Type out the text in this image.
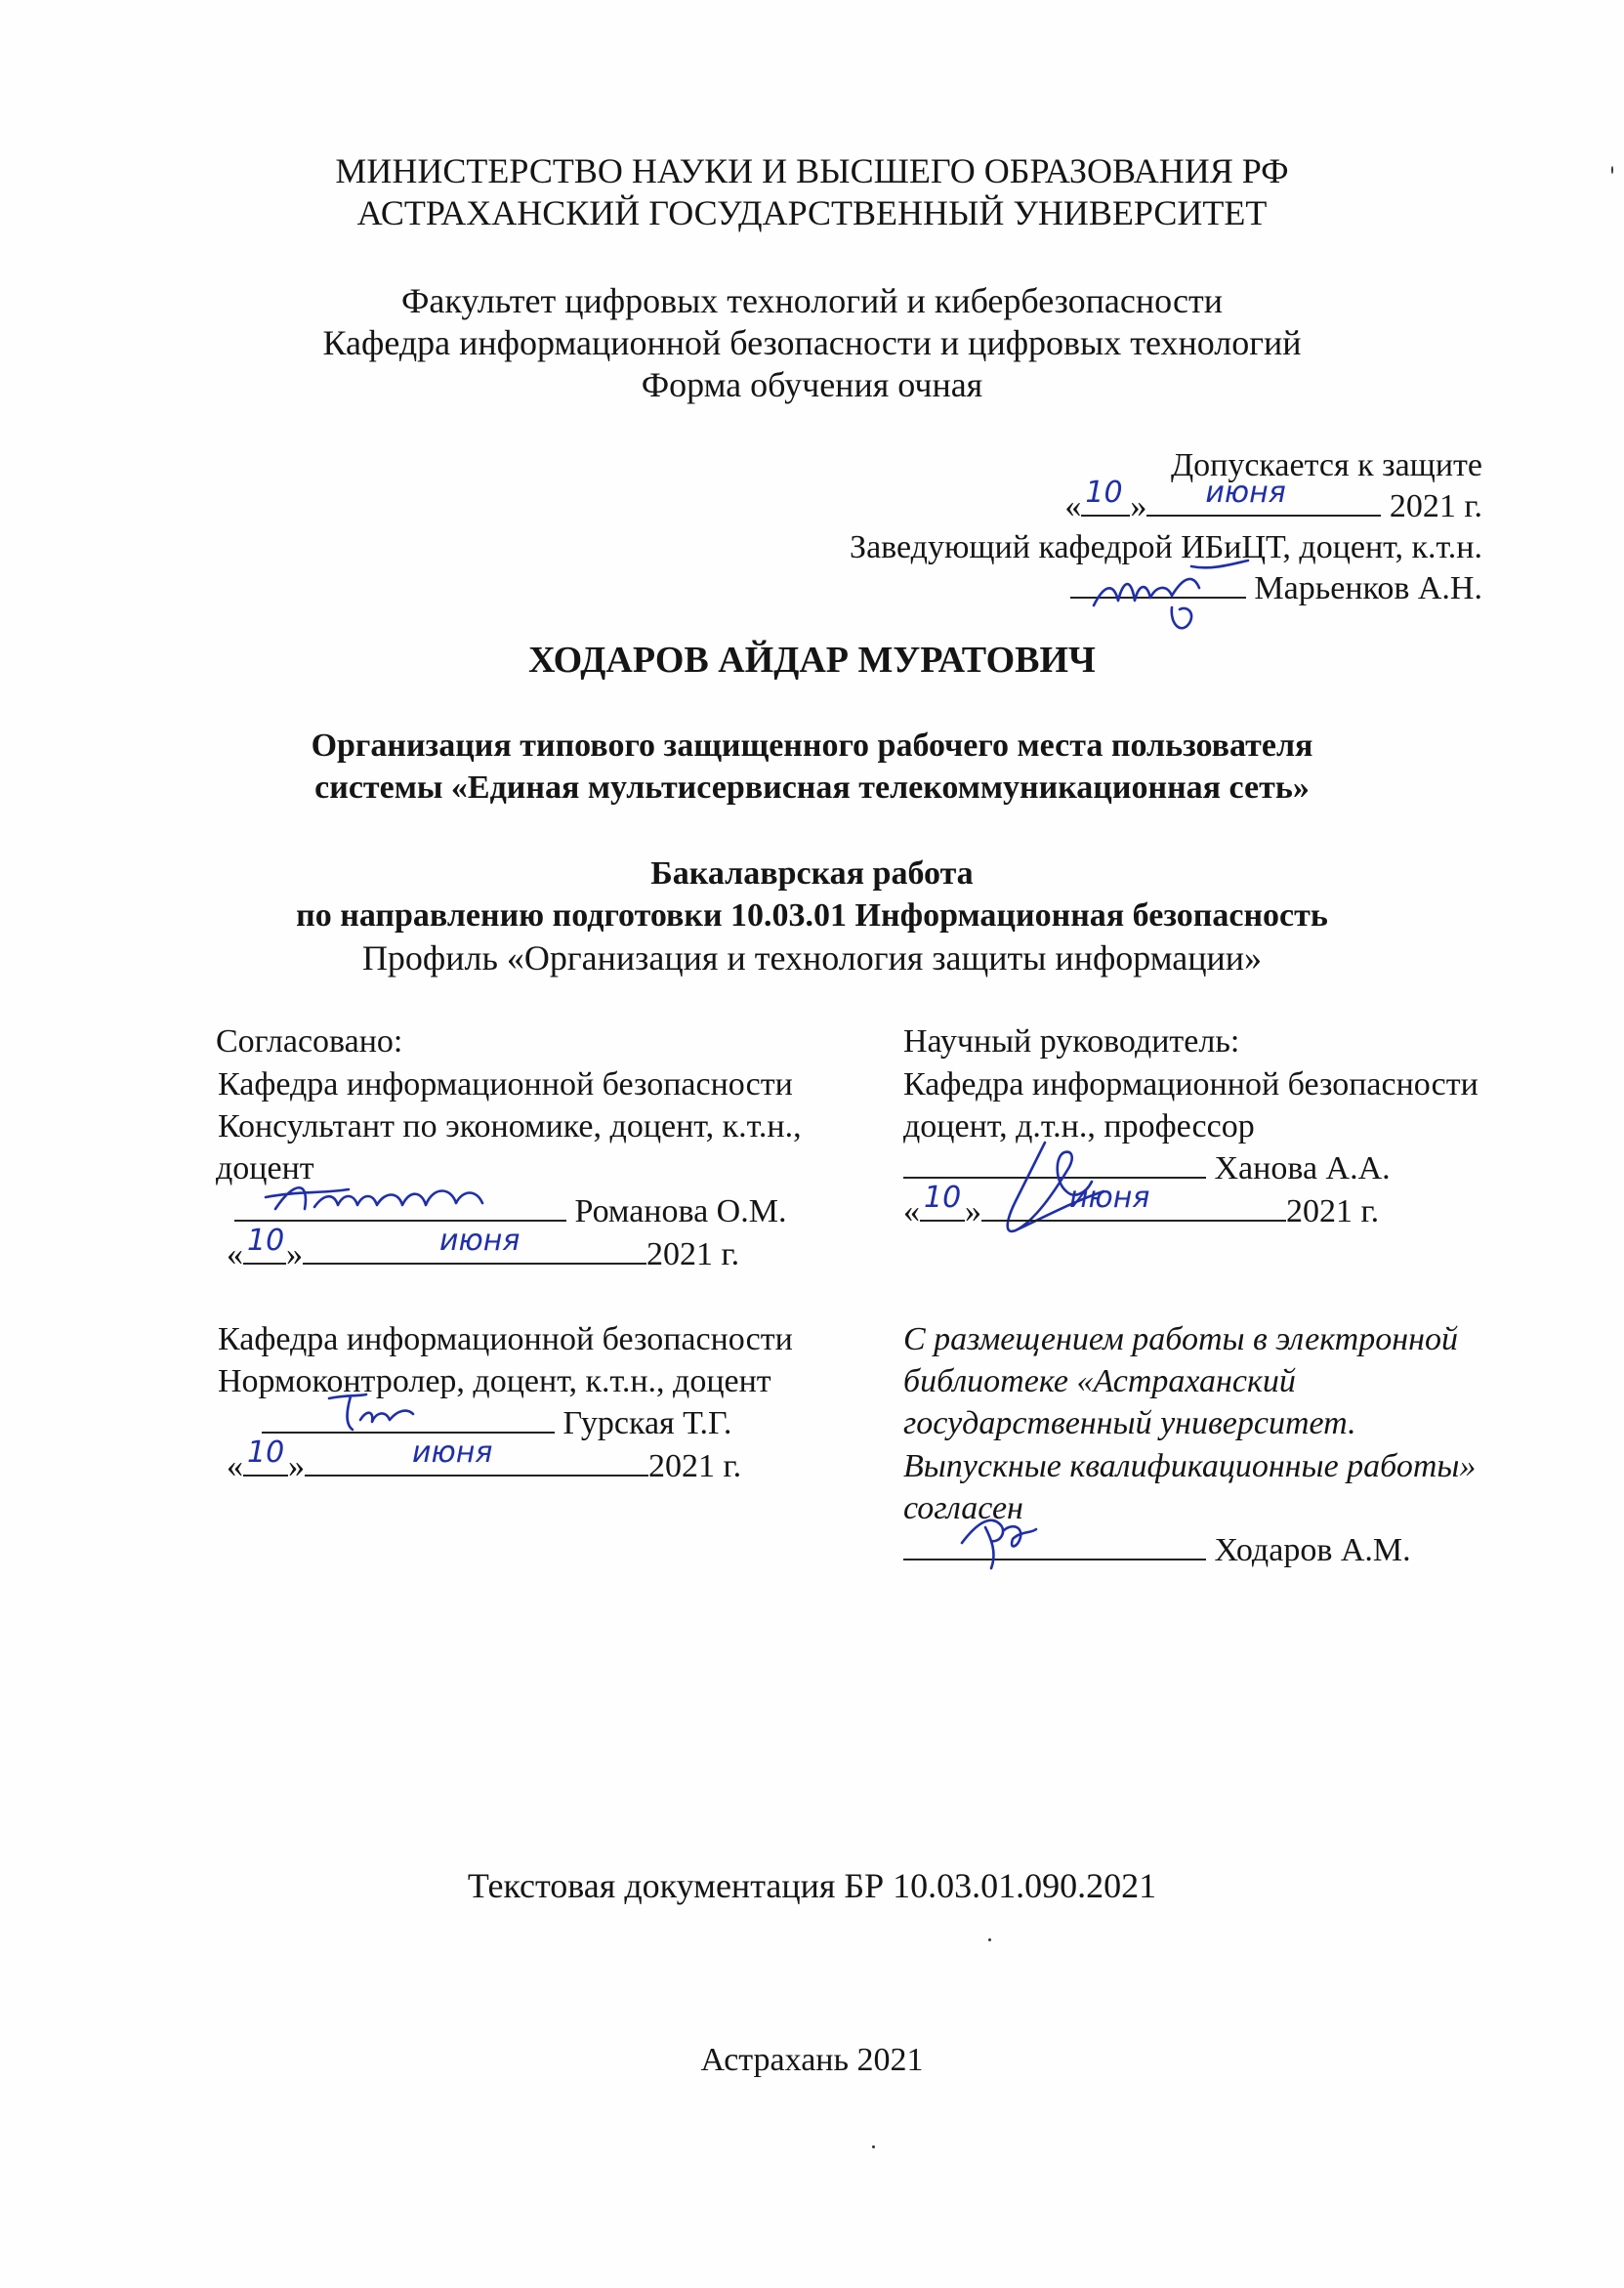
МИНИСТЕРСТВО НАУКИ И ВЫСШЕГО ОБРАЗОВАНИЯ РФ
АСТРАХАНСКИЙ ГОСУДАРСТВЕННЫЙ УНИВЕРСИТЕТ
Факультет цифровых технологий и кибербезопасности
Кафедра информационной безопасности и цифровых технологий
Форма обучения очная
Допускается к защите
« 10 » июня	2021 г.
Заведующий кафедрой ИБиЦТ, доцент, к.т.н.
Марьенков А.Н.
ХОДАРОВ АЙДАР МУРАТОВИЧ
Организация типового защищенного рабочего места пользователя
системы «Единая мультисервисная телекоммуникационная сеть»
Бакалаврская работа
по направлению подготовки 10.03.01 Информационная безопасность
Профиль «Организация и технология защиты информации»
Согласовано:
Кафедра информационной безопасности
Консультант по экономике, доцент, к.т.н.,
доцент
Романова О.М.
« 10 »	июня	2021 г.
Научный руководитель:
Кафедра информационной безопасности
доцент, д.т.н., профессор
Ханова А.А.
« 10 »	июня	2021 г.
Кафедра информационной безопасности
Нормоконтролер, доцент, к.т.н., доцент
Гурская Т.Г.
« 10 »	июня	2021 г.
С размещением работы в электронной
библиотеке «Астраханский
государственный университет.
Выпускные квалификационные работы»
согласен
Ходаров А.М.
Текстовая документация БР 10.03.01.090.2021
Астрахань 2021
